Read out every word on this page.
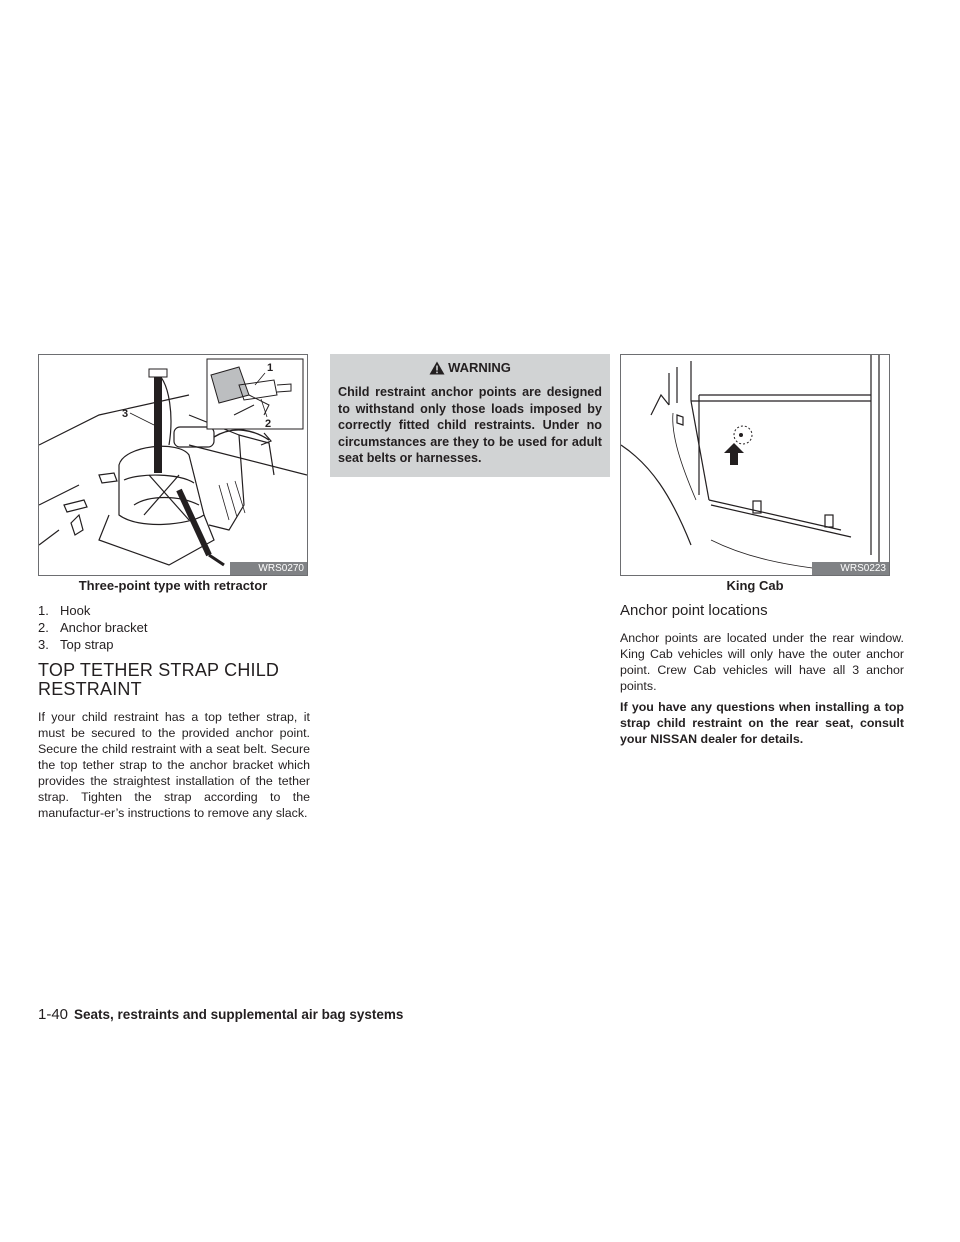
1
2
3
WRS0270
Three-point type with retractor
1. Hook
2. Anchor bracket
3. Top strap
TOP TETHER STRAP CHILD
RESTRAINT

If your child restraint has a top tether strap, it must be secured to the provided anchor point. Secure the child restraint with a seat belt. Secure the top tether strap to the anchor bracket which provides the straightest installation of the tether strap. Tighten the strap according to the manufactur-er’s instructions to remove any slack.

WARNING

Child restraint anchor points are designed to withstand only those loads imposed by correctly fitted child restraints. Under no circumstances are they to be used for adult seat belts or harnesses.

WRS0223
King Cab
Anchor point locations

Anchor points are located under the rear window. King Cab vehicles will only have the outer anchor point. Crew Cab vehicles will have all 3 anchor points.

If you have any questions when installing a top strap child restraint on the rear seat, consult your NISSAN dealer for details.

1-40 Seats, restraints and supplemental air bag systems
